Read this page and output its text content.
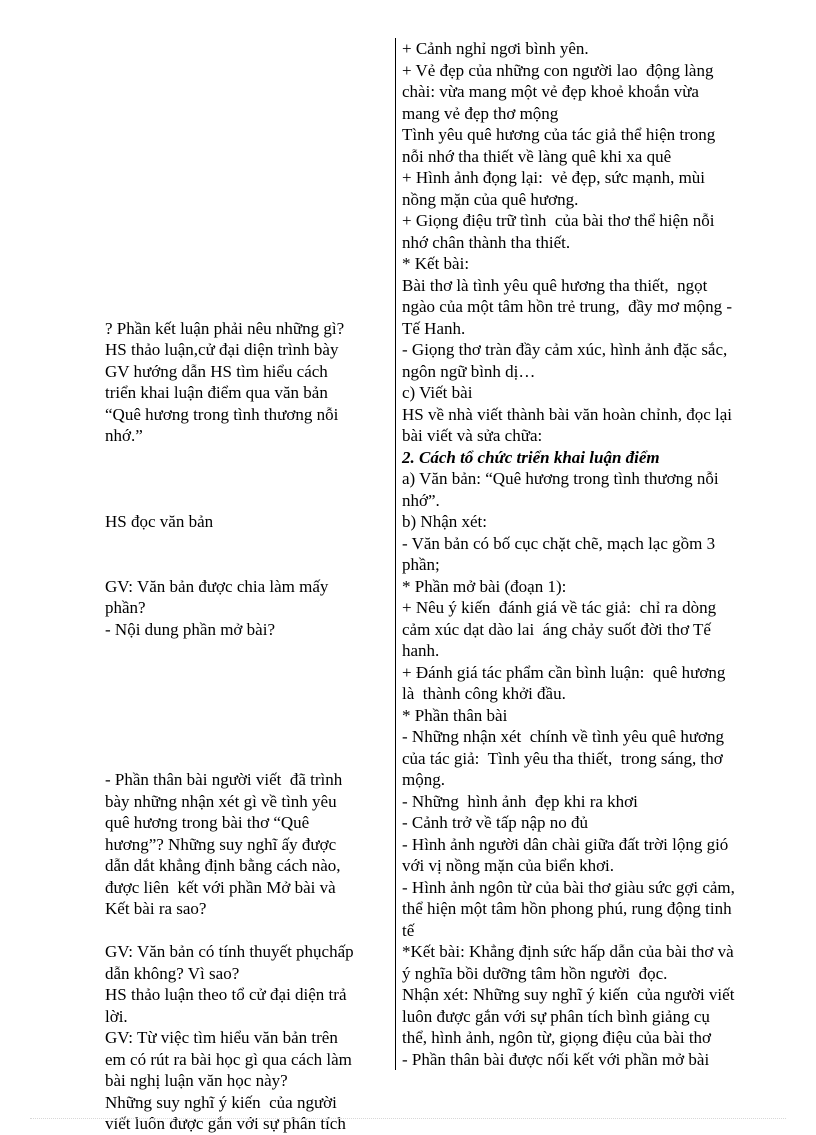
? Phần kết luận phải nêu những gì?
HS thảo luận,cử đại diện trình bày
GV hướng dẫn HS tìm hiểu cách
triển khai luận điểm qua văn bản
“Quê hương trong tình thương nỗi
nhớ.”
HS đọc văn bản
GV: Văn bản được chia làm mấy
phần?
- Nội dung phần mở bài?
- Phần thân bài người viết  đã trình
bày những nhận xét gì về tình yêu
quê hương trong bài thơ “Quê
hương”? Những suy nghĩ ấy được
dẫn dắt khẳng định bằng cách nào,
được liên  kết với phần Mở bài và
Kết bài ra sao?
GV: Văn bản có tính thuyết phụchấp
dẫn không? Vì sao?
HS thảo luận theo tổ cử đại diện trả
lời.
GV: Từ việc tìm hiểu văn bản trên
em có rút ra bài học gì qua cách làm
bài nghị luận văn học này?
Những suy nghĩ ý kiến  của người
viết luôn được gắn với sự phân tích
+ Cảnh nghỉ ngơi bình yên.
+ Vẻ đẹp của những con người lao  động làng
chài: vừa mang một vẻ đẹp khoẻ khoắn vừa
mang vẻ đẹp thơ mộng
Tình yêu quê hương của tác giả thể hiện trong
nỗi nhớ tha thiết về làng quê khi xa quê
+ Hình ảnh đọng lại:  vẻ đẹp, sức mạnh, mùi
nồng mặn của quê hương.
+ Giọng điệu trữ tình  của bài thơ thể hiện nỗi
nhớ chân thành tha thiết.
* Kết bài:
Bài thơ là tình yêu quê hương tha thiết,  ngọt
ngào của một tâm hồn trẻ trung,  đầy mơ mộng -
Tế Hanh.
- Giọng thơ tràn đầy cảm xúc, hình ảnh đặc sắc,
ngôn ngữ bình dị…
c) Viết bài
HS về nhà viết thành bài văn hoàn chỉnh, đọc lại
bài viết và sửa chữa:
2. Cách tổ chức triển khai luận điểm
a) Văn bản: “Quê hương trong tình thương nỗi
nhớ”.
b) Nhận xét:
- Văn bản có bố cục chặt chẽ, mạch lạc gồm 3
phần;
* Phần mở bài (đoạn 1):
+ Nêu ý kiến  đánh giá về tác giả:  chỉ ra dòng
cảm xúc dạt dào lai  áng chảy suốt đời thơ Tế
hanh.
+ Đánh giá tác phẩm cần bình luận:  quê hương
là  thành công khởi đầu.
* Phần thân bài
- Những nhận xét  chính về tình yêu quê hương
của tác giả:  Tình yêu tha thiết,  trong sáng, thơ
mộng.
- Những  hình ảnh  đẹp khi ra khơi
- Cảnh trở về tấp nập no đủ
- Hình ảnh người dân chài giữa đất trời lộng gió
với vị nồng mặn của biển khơi.
- Hình ảnh ngôn từ của bài thơ giàu sức gợi cảm,
thể hiện một tâm hồn phong phú, rung động tinh
tế
*Kết bài: Khẳng định sức hấp dẫn của bài thơ và
ý nghĩa bồi dưỡng tâm hồn người  đọc.
Nhận xét: Những suy nghĩ ý kiến  của người viết
luôn được gắn với sự phân tích bình giảng cụ
thể, hình ảnh, ngôn từ, giọng điệu của bài thơ
- Phần thân bài được nối kết với phần mở bài
